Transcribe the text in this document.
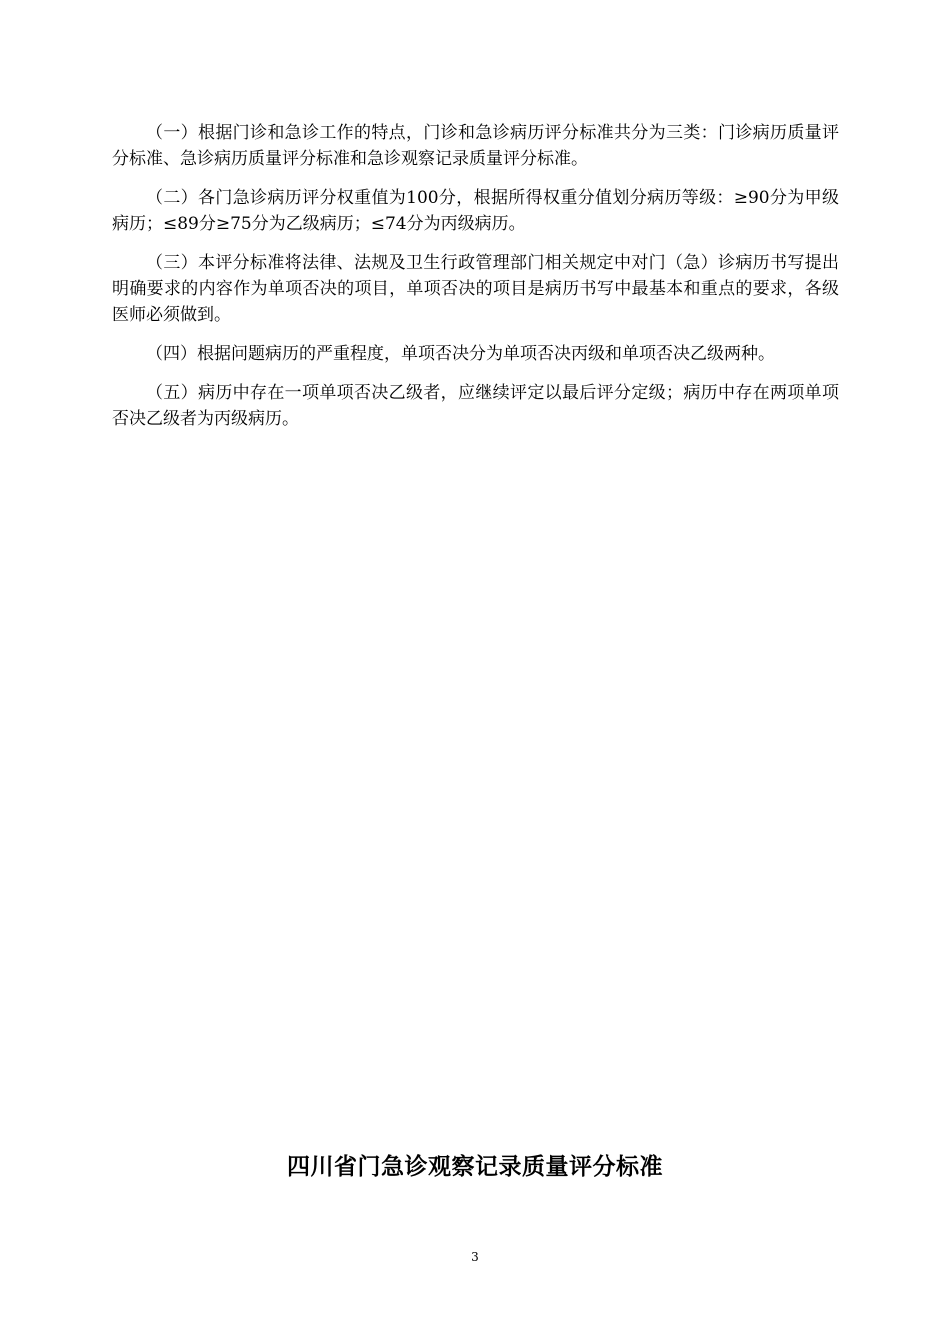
（一）根据门诊和急诊工作的特点，门诊和急诊病历评分标准共分为三类：门诊病历质量评分标准、急诊病历质量评分标准和急诊观察记录质量评分标准。

（二）各门急诊病历评分权重值为100分，根据所得权重分值划分病历等级：≥90分为甲级病历；≤89分≥75分为乙级病历；≤74分为丙级病历。

（三）本评分标准将法律、法规及卫生行政管理部门相关规定中对门（急）诊病历书写提出明确要求的内容作为单项否决的项目，单项否决的项目是病历书写中最基本和重点的要求，各级医师必须做到。

（四）根据问题病历的严重程度，单项否决分为单项否决丙级和单项否决乙级两种。

（五）病历中存在一项单项否决乙级者，应继续评定以最后评分定级；病历中存在两项单项否决乙级者为丙级病历。

四川省门急诊观察记录质量评分标准
3
